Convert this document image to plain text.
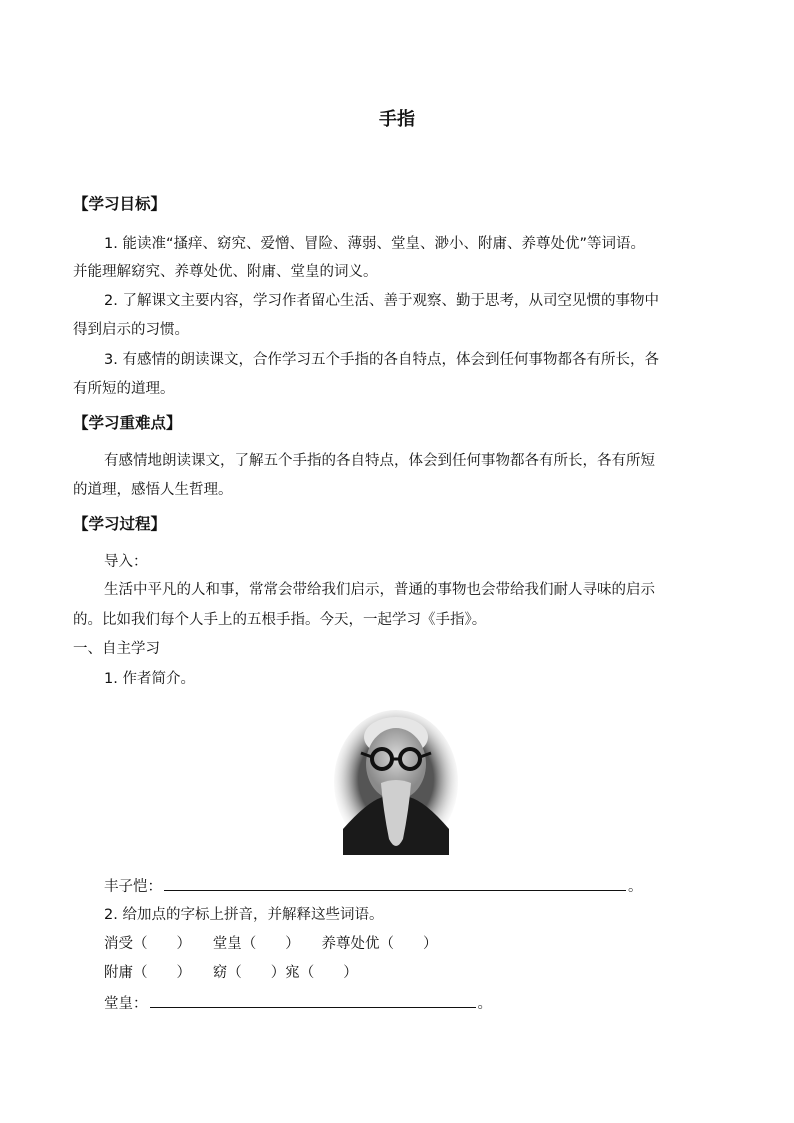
手指
【学习目标】
1. 能读准“搔痒、窈究、爱憎、冒险、薄弱、堂皇、渺小、附庸、养尊处优”等词语。
并能理解窈究、养尊处优、附庸、堂皇的词义。
2. 了解课文主要内容，学习作者留心生活、善于观察、勤于思考，从司空见惯的事物中
得到启示的习惯。
3. 有感情的朗读课文，合作学习五个手指的各自特点，体会到任何事物都各有所长，各
有所短的道理。
【学习重难点】
有感情地朗读课文，了解五个手指的各自特点，体会到任何事物都各有所长，各有所短
的道理，感悟人生哲理。
【学习过程】
导入：
生活中平凡的人和事，常常会带给我们启示，普通的事物也会带给我们耐人寻味的启示
的。比如我们每个人手上的五根手指。今天，一起学习《手指》。
一、自主学习
1. 作者简介。
丰子恺：	。
2. 给加点的字标上拼音，并解释这些词语。
消受（　　）　　堂皇（　　）　　养尊处优（　　）
附庸（　　）　　窈（　　）宨（　　）
堂皇：	。
